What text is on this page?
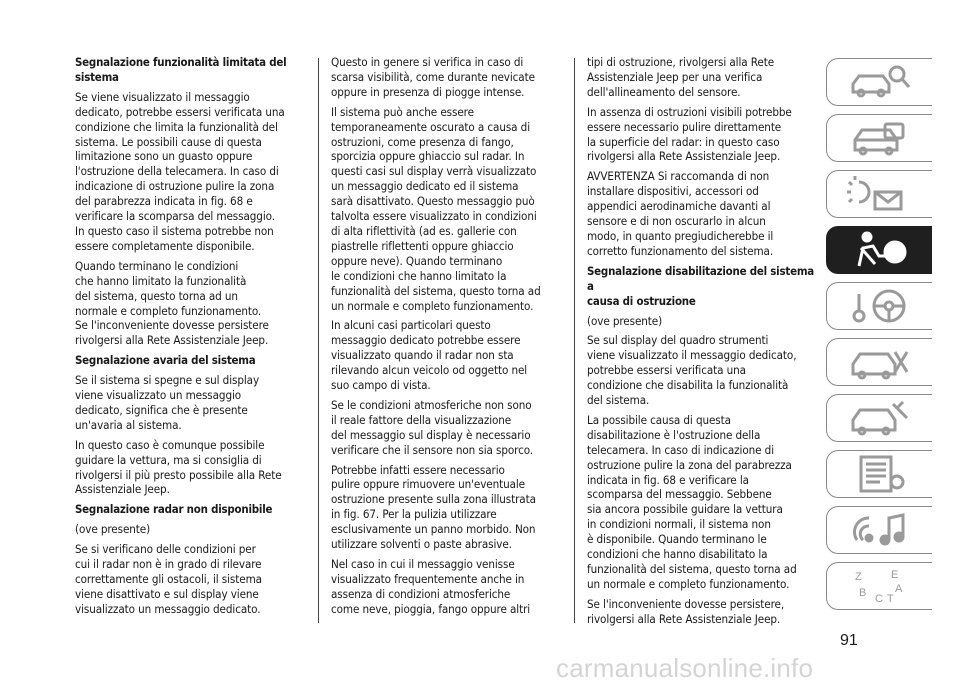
Segnalazione funzionalità limitata del
sistema

Se viene visualizzato il messaggio
dedicato, potrebbe essersi verificata una
condizione che limita la funzionalità del
sistema. Le possibili cause di questa
limitazione sono un guasto oppure
l'ostruzione della telecamera. In caso di
indicazione di ostruzione pulire la zona
del parabrezza indicata in fig. 68 e
verificare la scomparsa del messaggio.
In questo caso il sistema potrebbe non
essere completamente disponibile.

Quando terminano le condizioni
che hanno limitato la funzionalità
del sistema, questo torna ad un
normale e completo funzionamento.
Se l'inconveniente dovesse persistere
rivolgersi alla Rete Assistenziale Jeep.

Segnalazione avaria del sistema

Se il sistema si spegne e sul display
viene visualizzato un messaggio
dedicato, significa che è presente
un'avaria al sistema.

In questo caso è comunque possibile
guidare la vettura, ma si consiglia di
rivolgersi il più presto possibile alla Rete
Assistenziale Jeep.

Segnalazione radar non disponibile

(ove presente)

Se si verificano delle condizioni per
cui il radar non è in grado di rilevare
correttamente gli ostacoli, il sistema
viene disattivato e sul display viene
visualizzato un messaggio dedicato.

Questo in genere si verifica in caso di
scarsa visibilità, come durante nevicate
oppure in presenza di piogge intense.

Il sistema può anche essere
temporaneamente oscurato a causa di
ostruzioni, come presenza di fango,
sporcizia oppure ghiaccio sul radar. In
questi casi sul display verrà visualizzato
un messaggio dedicato ed il sistema
sarà disattivato. Questo messaggio può
talvolta essere visualizzato in condizioni
di alta riflettività (ad es. gallerie con
piastrelle riflettenti oppure ghiaccio
oppure neve). Quando terminano
le condizioni che hanno limitato la
funzionalità del sistema, questo torna ad
un normale e completo funzionamento.

In alcuni casi particolari questo
messaggio dedicato potrebbe essere
visualizzato quando il radar non sta
rilevando alcun veicolo od oggetto nel
suo campo di vista.

Se le condizioni atmosferiche non sono
il reale fattore della visualizzazione
del messaggio sul display è necessario
verificare che il sensore non sia sporco.

Potrebbe infatti essere necessario
pulire oppure rimuovere un'eventuale
ostruzione presente sulla zona illustrata
in fig. 67. Per la pulizia utilizzare
esclusivamente un panno morbido. Non
utilizzare solventi o paste abrasive.

Nel caso in cui il messaggio venisse
visualizzato frequentemente anche in
assenza di condizioni atmosferiche
come neve, pioggia, fango oppure altri

tipi di ostruzione, rivolgersi alla Rete
Assistenziale Jeep per una verifica
dell'allineamento del sensore.

In assenza di ostruzioni visibili potrebbe
essere necessario pulire direttamente
la superficie del radar: in questo caso
rivolgersi alla Rete Assistenziale Jeep.

AVVERTENZA Si raccomanda di non
installare dispositivi, accessori od
appendici aerodinamiche davanti al
sensore e di non oscurarlo in alcun
modo, in quanto pregiudicherebbe il
corretto funzionamento del sistema.

Segnalazione disabilitazione del sistema a
causa di ostruzione

(ove presente)

Se sul display del quadro strumenti
viene visualizzato il messaggio dedicato,
potrebbe essersi verificata una
condizione che disabilita la funzionalità
del sistema.

La possibile causa di questa
disabilitazione è l'ostruzione della
telecamera. In caso di indicazione di
ostruzione pulire la zona del parabrezza
indicata in fig. 68 e verificare la
scomparsa del messaggio. Sebbene
sia ancora possibile guidare la vettura
in condizioni normali, il sistema non
è disponibile. Quando terminano le
condizioni che hanno disabilitato la
funzionalità del sistema, questo torna ad
un normale e completo funzionamento.

Se l'inconveniente dovesse persistere,
rivolgersi alla Rete Assistenziale Jeep.

Z	E
B C T
A
91
carmanualsonline.info
